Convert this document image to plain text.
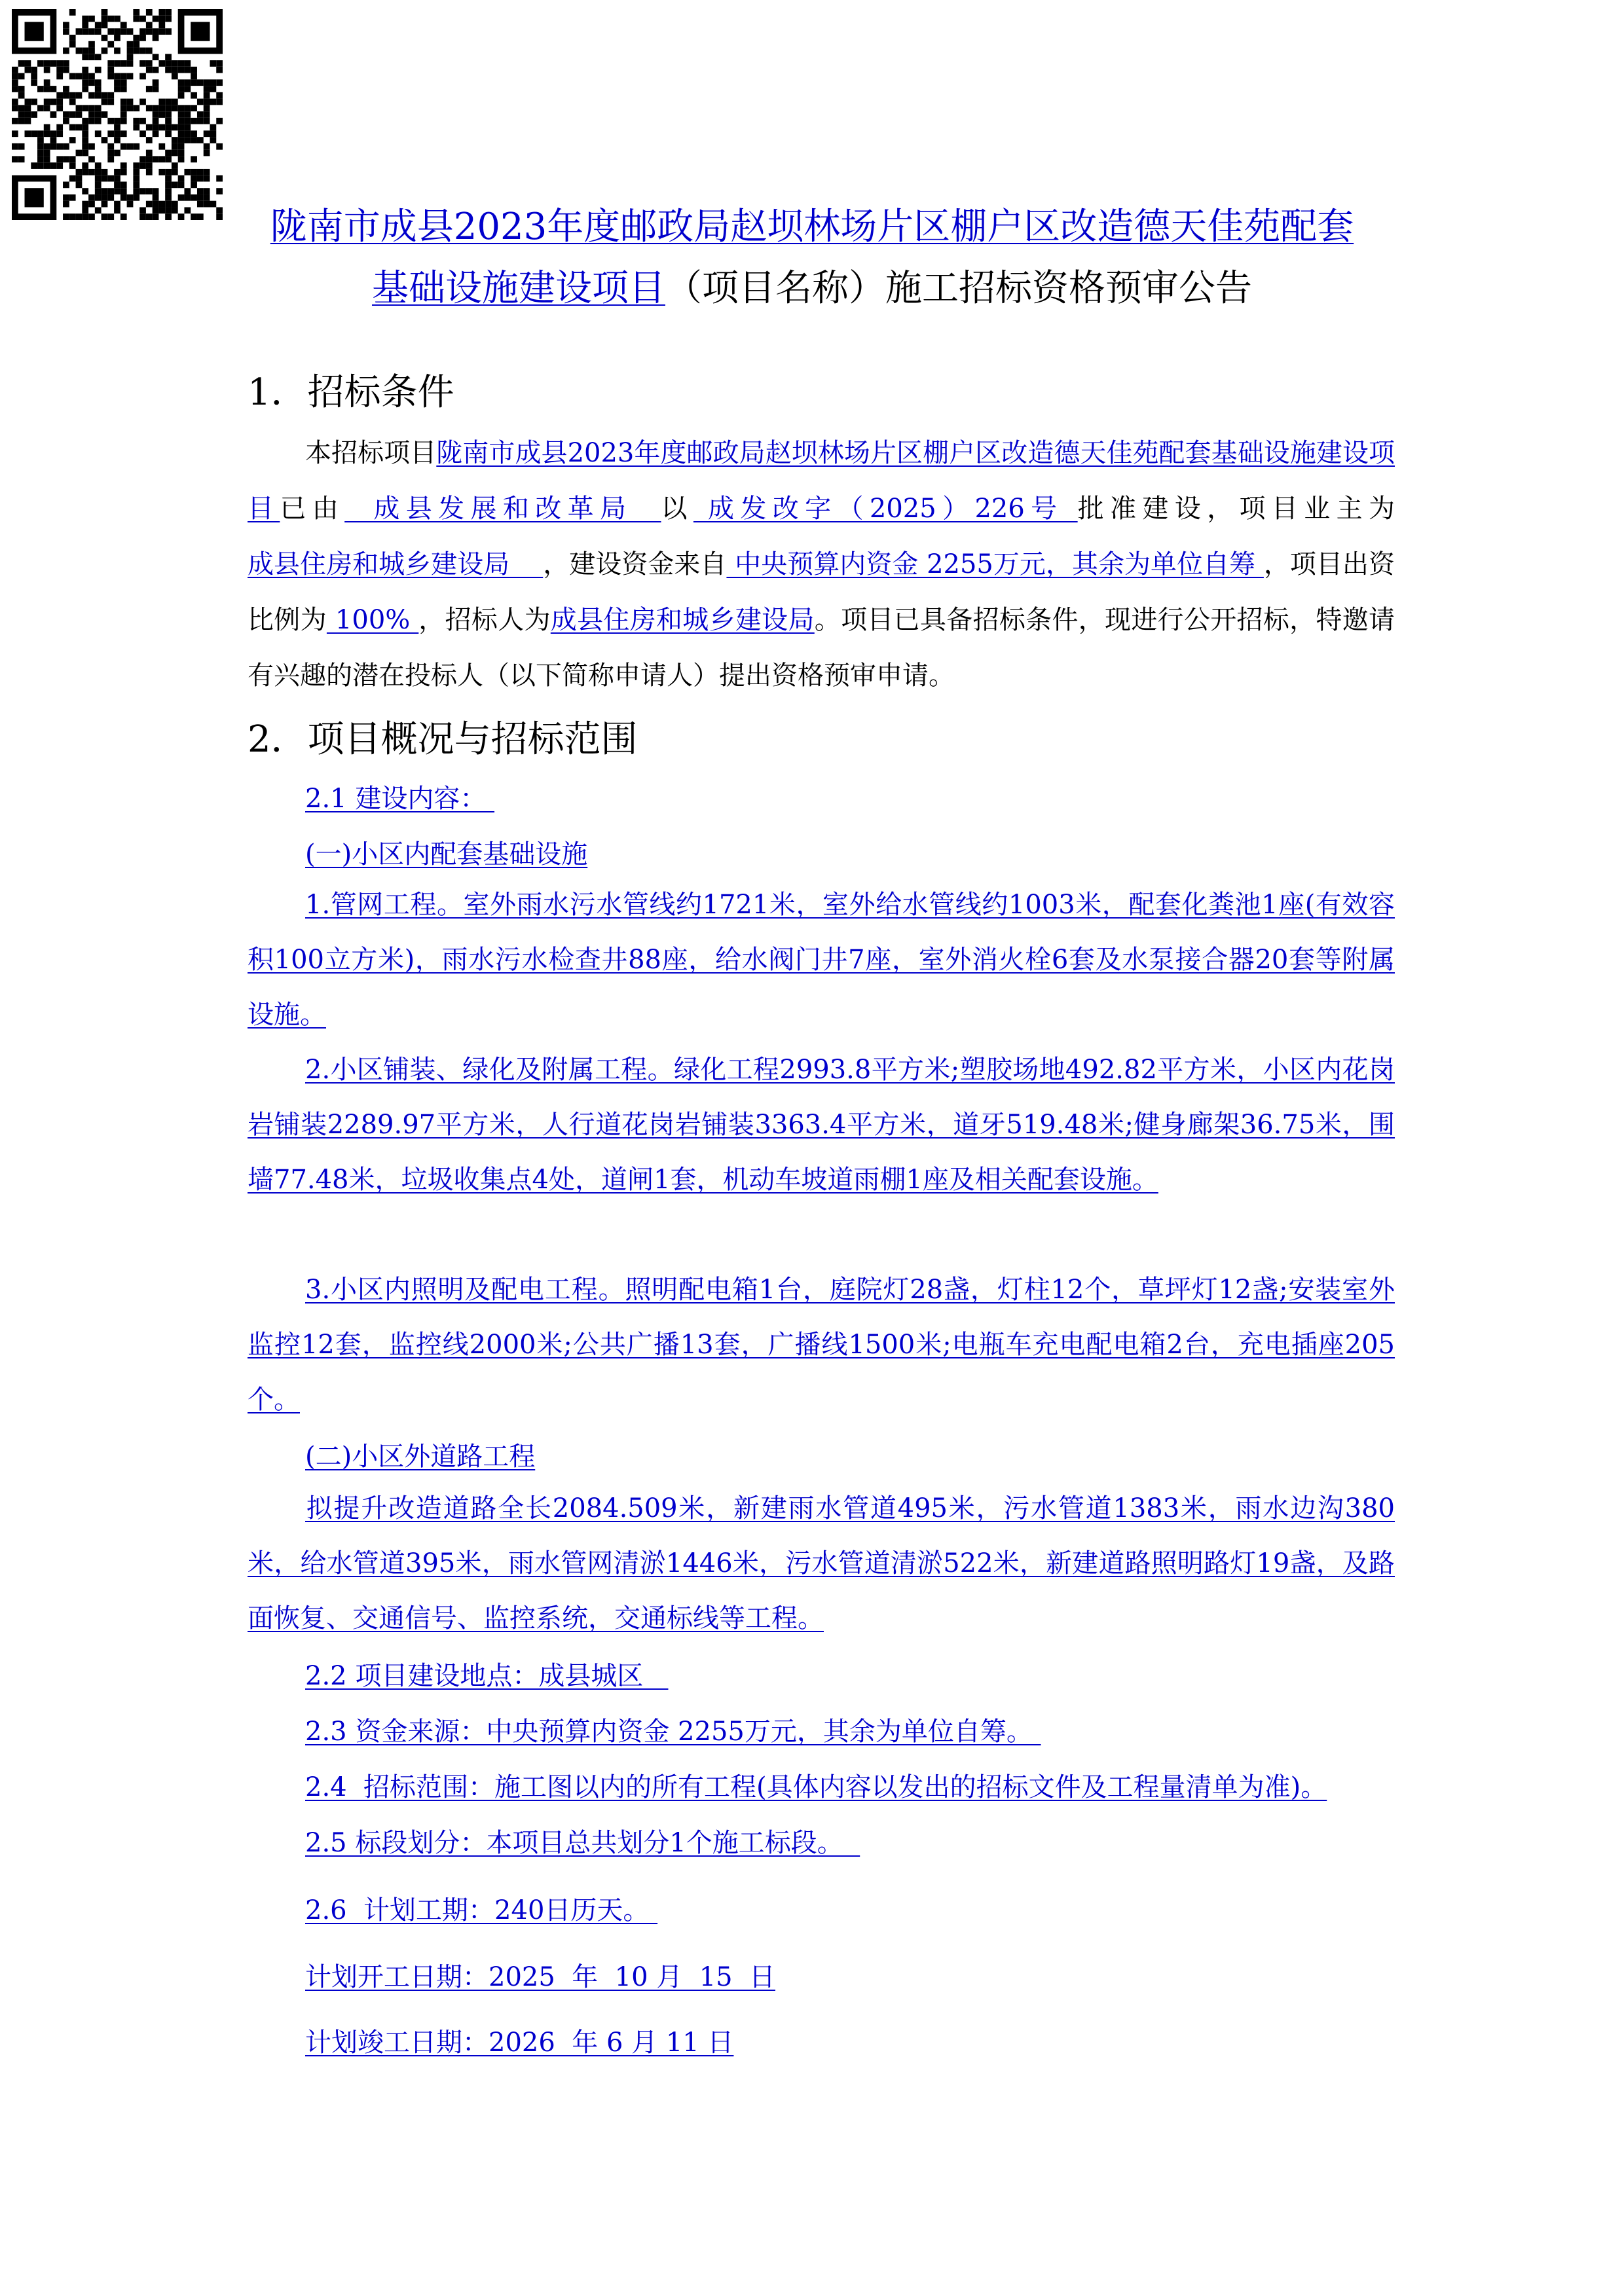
陇南市成县2023年度邮政局赵坝林场片区棚户区改造德天佳苑配套
基础设施建设项目（项目名称）施工招标资格预审公告
1．招标条件
本招标项目陇南市成县2023年度邮政局赵坝林场片区棚户区改造德天佳苑配套基础设施建设项目已由  成县发展和改革局  以 成发改字（2025）226号 批准建设，项目业主为成县住房和城乡建设局    ，建设资金来自 中央预算内资金 2255万元，其余为单位自筹 ，项目出资比例为 100% ，招标人为成县住房和城乡建设局。项目已具备招标条件，现进行公开招标，特邀请有兴趣的潜在投标人（以下简称申请人）提出资格预审申请。
2．项目概况与招标范围
2.1 建设内容：
(一)小区内配套基础设施
1.管网工程。室外雨水污水管线约1721米，室外给水管线约1003米，配套化粪池1座(有效容积100立方米)，雨水污水检查井88座，给水阀门井7座，室外消火栓6套及水泵接合器20套等附属设施。
2.小区铺装、绿化及附属工程。绿化工程2993.8平方米;塑胶场地492.82平方米，小区内花岗岩铺装2289.97平方米，人行道花岗岩铺装3363.4平方米，道牙519.48米;健身廊架36.75米，围墙77.48米，垃圾收集点4处，道闸1套，机动车坡道雨棚1座及相关配套设施。
3.小区内照明及配电工程。照明配电箱1台，庭院灯28盏，灯柱12个，草坪灯12盏;安装室外监控12套，监控线2000米;公共广播13套，广播线1500米;电瓶车充电配电箱2台，充电插座205个。
(二)小区外道路工程
拟提升改造道路全长2084.509米，新建雨水管道495米，污水管道1383米，雨水边沟380米，给水管道395米，雨水管网清淤1446米，污水管道清淤522米，新建道路照明路灯19盏，及路面恢复、交通信号、监控系统，交通标线等工程。
2.2 项目建设地点：成县城区
2.3 资金来源：中央预算内资金 2255万元，其余为单位自筹。
2.4  招标范围：施工图以内的所有工程(具体内容以发出的招标文件及工程量清单为准)。
2.5 标段划分：本项目总共划分1个施工标段。
2.6  计划工期：240日历天。
计划开工日期：2025  年  10 月  15  日
计划竣工日期：2026  年 6 月 11 日
